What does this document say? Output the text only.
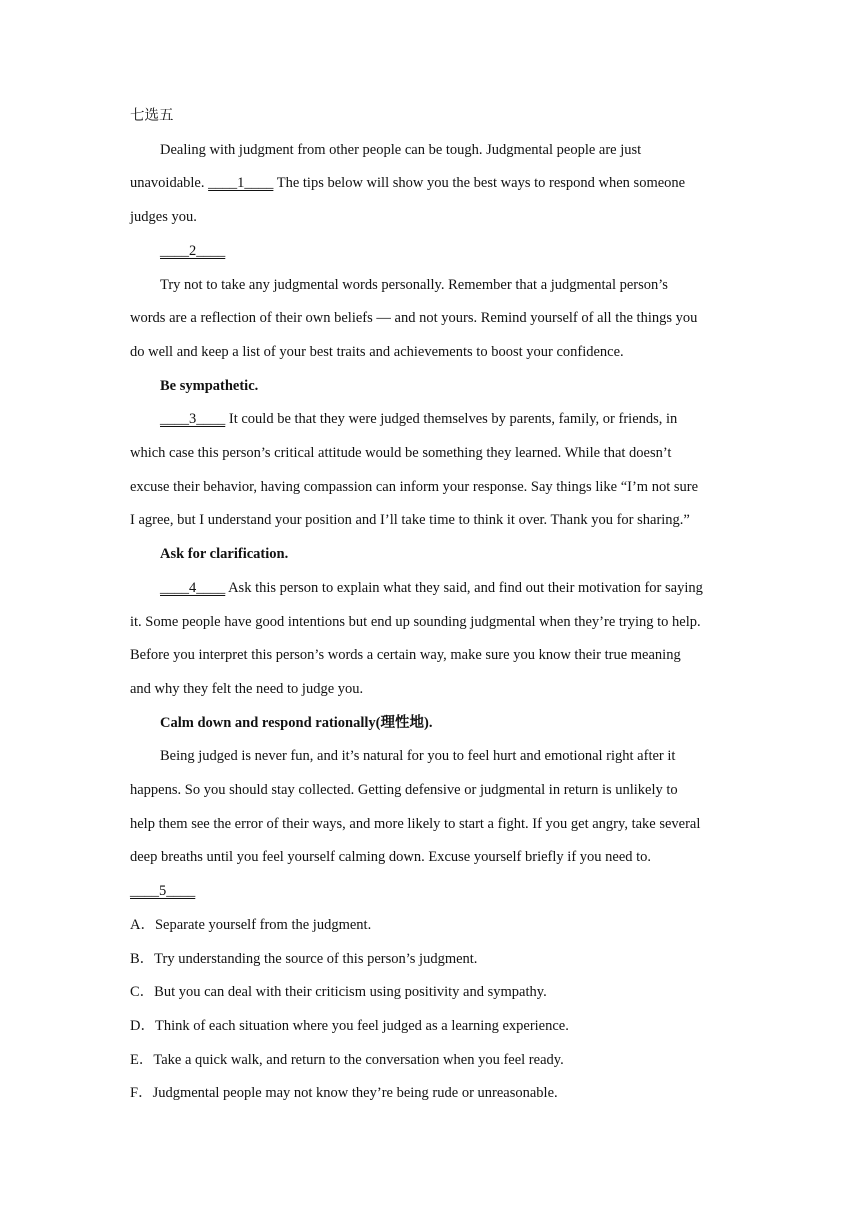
七选五
Dealing with judgment from other people can be tough. Judgmental people are just
unavoidable. ____1____ The tips below will show you the best ways to respond when someone
judges you.
____2____
Try not to take any judgmental words personally. Remember that a judgmental person’s
words are a reflection of their own beliefs — and not yours. Remind yourself of all the things you
do well and keep a list of your best traits and achievements to boost your confidence.
Be sympathetic.
____3____ It could be that they were judged themselves by parents, family, or friends, in
which case this person’s critical attitude would be something they learned. While that doesn’t
excuse their behavior, having compassion can inform your response. Say things like “I’m not sure
I agree, but I understand your position and I’ll take time to think it over. Thank you for sharing.”
Ask for clarification.
____4____ Ask this person to explain what they said, and find out their motivation for saying
it. Some people have good intentions but end up sounding judgmental when they’re trying to help.
Before you interpret this person’s words a certain way, make sure you know their true meaning
and why they felt the need to judge you.
Calm down and respond rationally(理性地).
Being judged is never fun, and it’s natural for you to feel hurt and emotional right after it
happens. So you should stay collected. Getting defensive or judgmental in return is unlikely to
help them see the error of their ways, and more likely to start a fight. If you get angry, take several
deep breaths until you feel yourself calming down. Excuse yourself briefly if you need to.
____5____
A．Separate yourself from the judgment.
B．Try understanding the source of this person’s judgment.
C．But you can deal with their criticism using positivity and sympathy.
D．Think of each situation where you feel judged as a learning experience.
E．Take a quick walk, and return to the conversation when you feel ready.
F．Judgmental people may not know they’re being rude or unreasonable.
